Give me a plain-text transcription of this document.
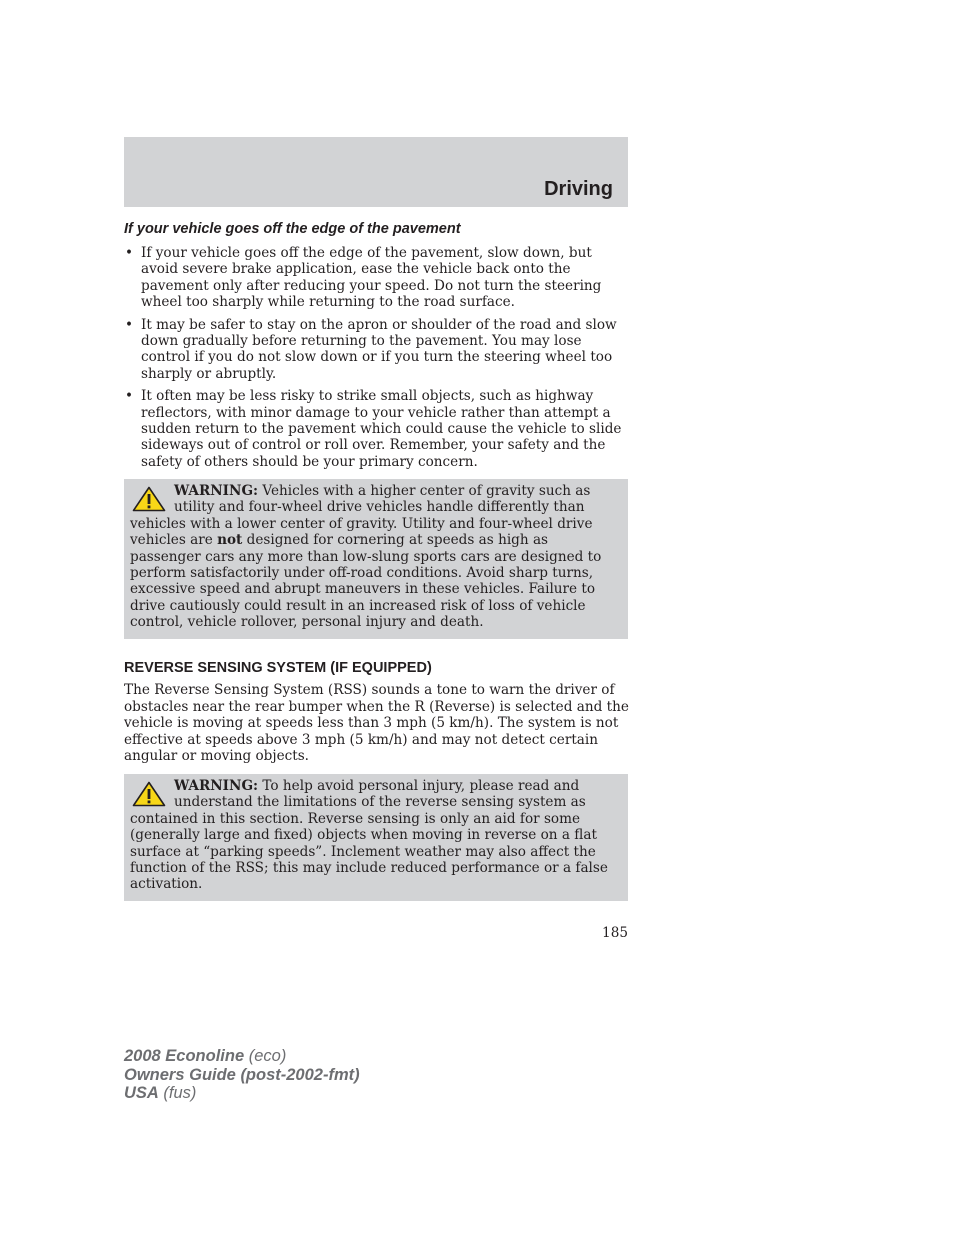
Driving
If your vehicle goes off the edge of the pavement
• If your vehicle goes off the edge of the pavement, slow down, but avoid severe brake application, ease the vehicle back onto the pavement only after reducing your speed. Do not turn the steering wheel too sharply while returning to the road surface.
• It may be safer to stay on the apron or shoulder of the road and slow down gradually before returning to the pavement. You may lose control if you do not slow down or if you turn the steering wheel too sharply or abruptly.
• It often may be less risky to strike small objects, such as highway reflectors, with minor damage to your vehicle rather than attempt a sudden return to the pavement which could cause the vehicle to slide sideways out of control or roll over. Remember, your safety and the safety of others should be your primary concern.
WARNING: Vehicles with a higher center of gravity such as utility and four-wheel drive vehicles handle differently than vehicles with a lower center of gravity. Utility and four-wheel drive vehicles are not designed for cornering at speeds as high as passenger cars any more than low-slung sports cars are designed to perform satisfactorily under off-road conditions. Avoid sharp turns, excessive speed and abrupt maneuvers in these vehicles. Failure to drive cautiously could result in an increased risk of loss of vehicle control, vehicle rollover, personal injury and death.
REVERSE SENSING SYSTEM (IF EQUIPPED)
The Reverse Sensing System (RSS) sounds a tone to warn the driver of obstacles near the rear bumper when the R (Reverse) is selected and the vehicle is moving at speeds less than 3 mph (5 km/h). The system is not effective at speeds above 3 mph (5 km/h) and may not detect certain angular or moving objects.
WARNING: To help avoid personal injury, please read and understand the limitations of the reverse sensing system as contained in this section. Reverse sensing is only an aid for some (generally large and fixed) objects when moving in reverse on a flat surface at “parking speeds”. Inclement weather may also affect the function of the RSS; this may include reduced performance or a false activation.
185
2008 Econoline (eco)
Owners Guide (post-2002-fmt)
USA (fus)
